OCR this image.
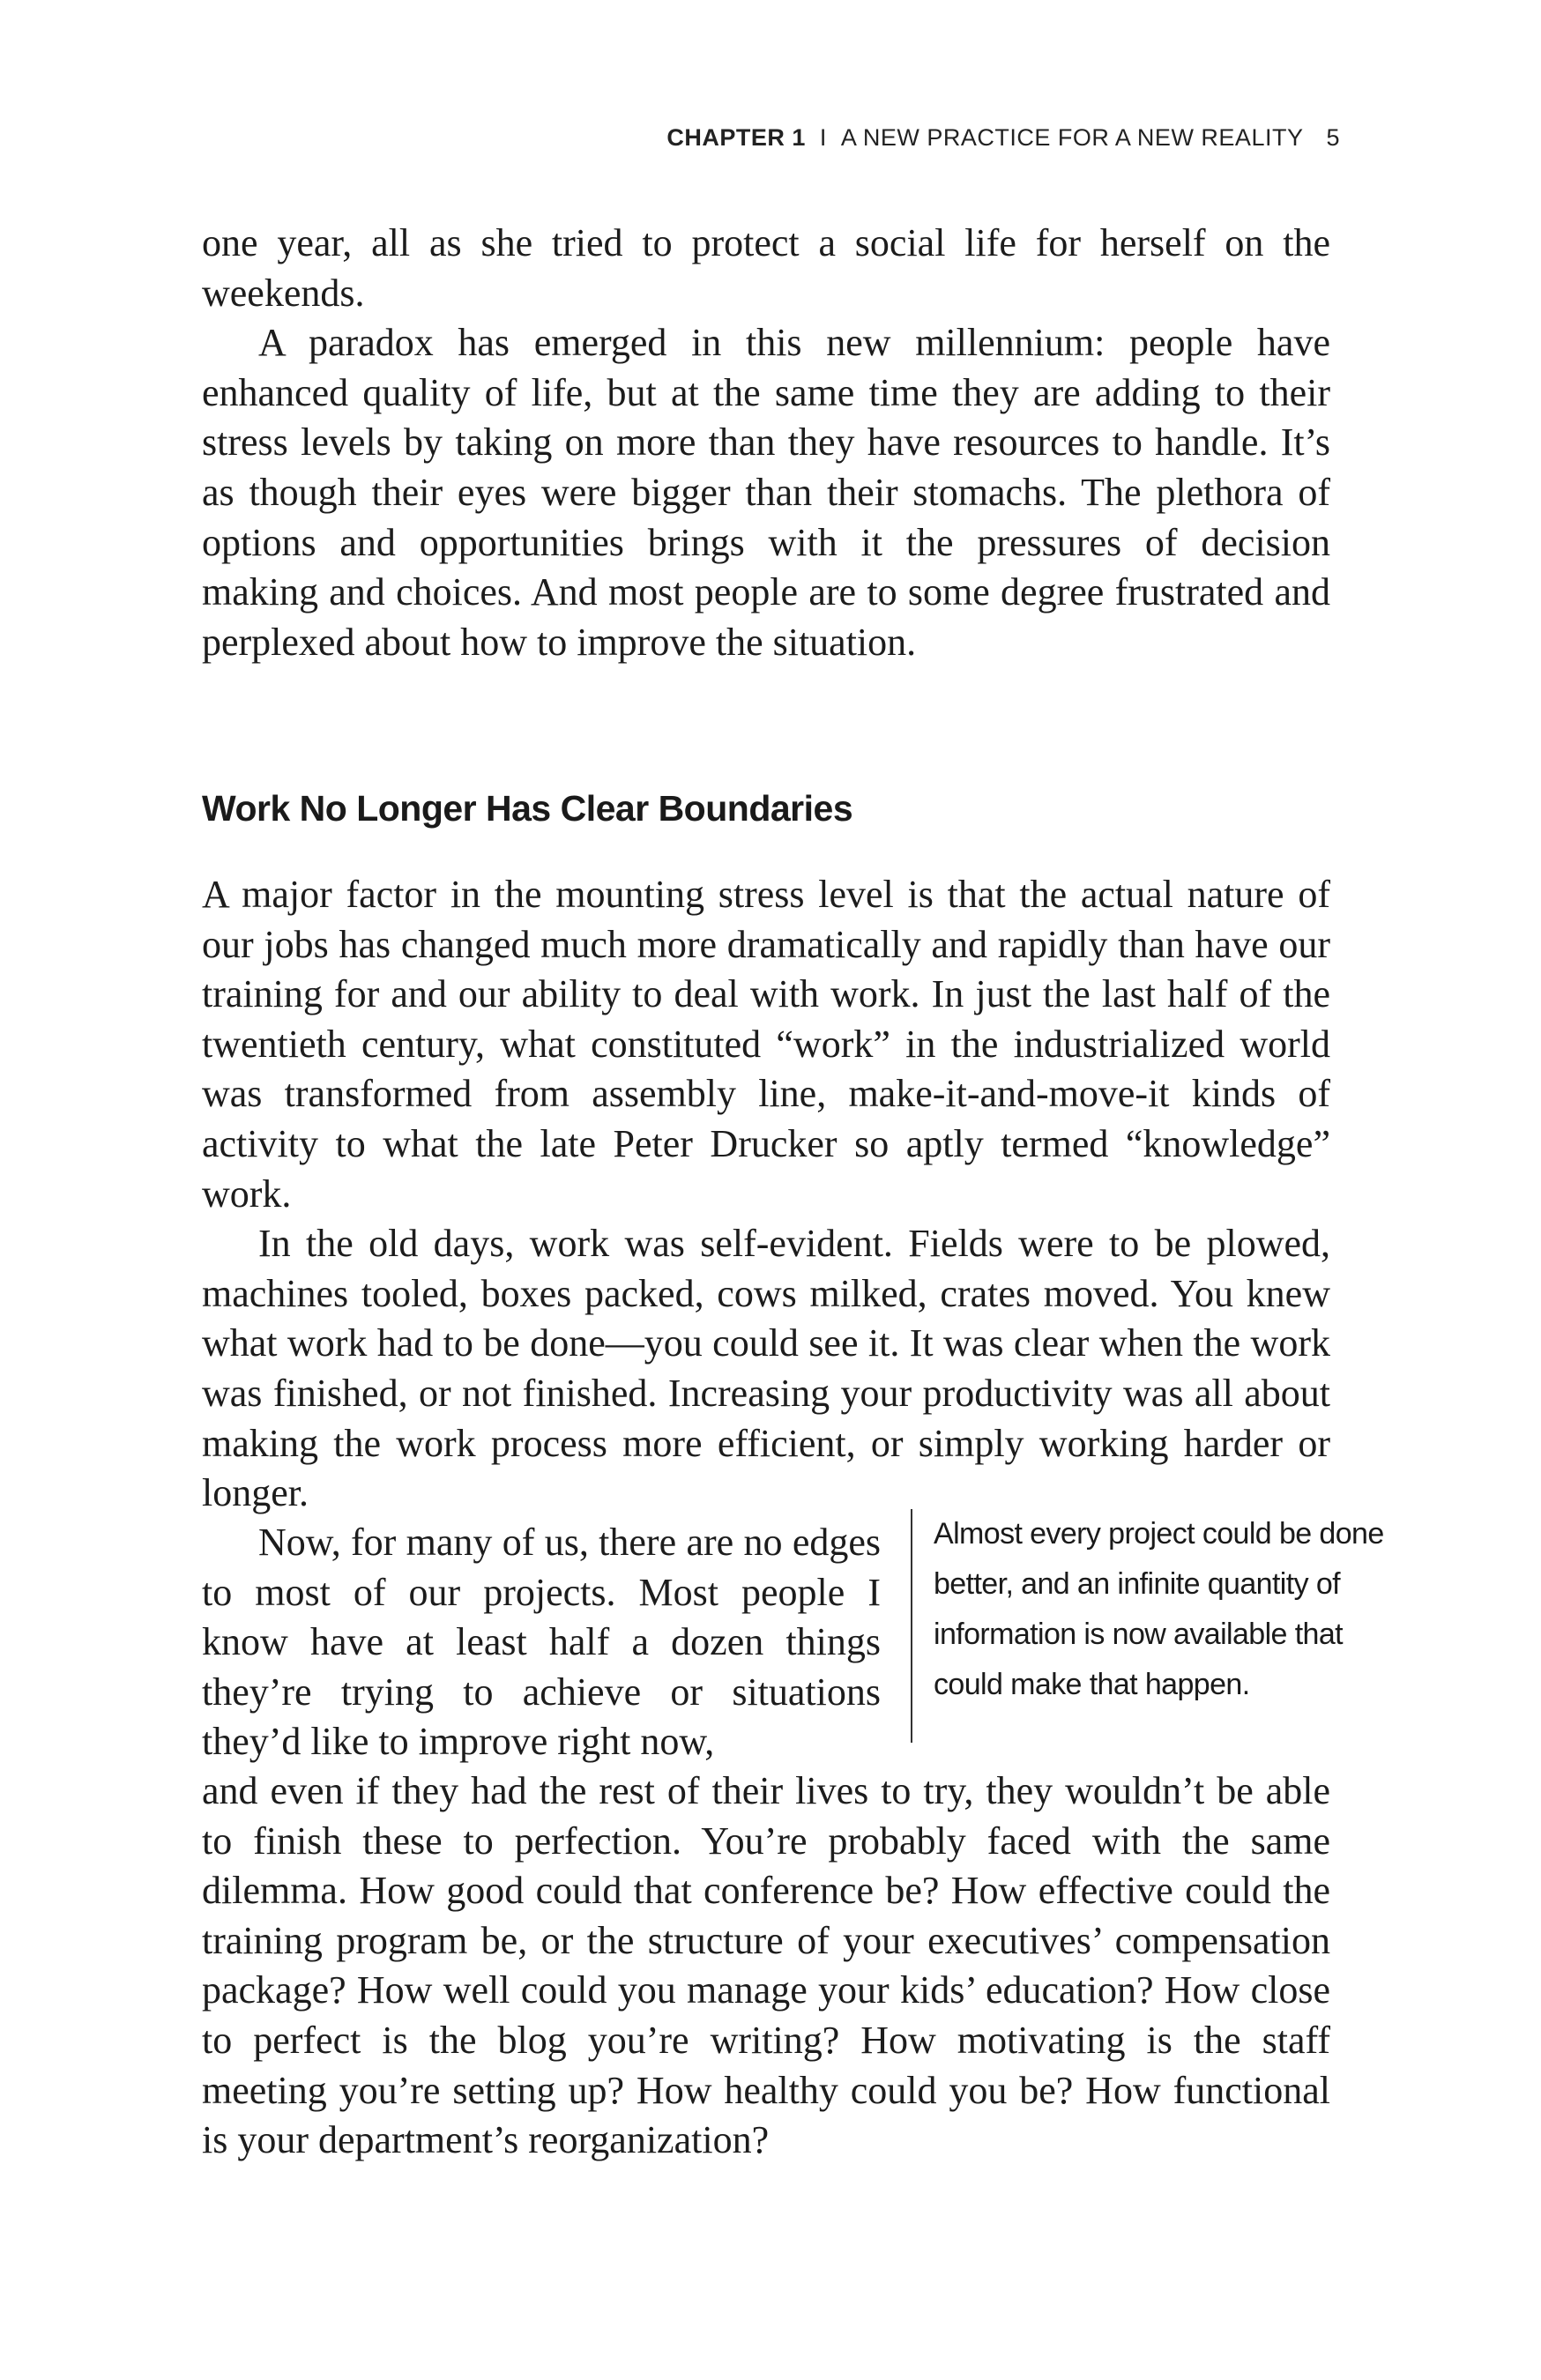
CHAPTER 1 I A NEW PRACTICE FOR A NEW REALITY 5

one year, all as she tried to protect a social life for herself on the weekends.

A paradox has emerged in this new millennium: people have enhanced quality of life, but at the same time they are adding to their stress levels by taking on more than they have resources to handle. It’s as though their eyes were bigger than their stomachs. The plethora of options and opportunities brings with it the pressures of decision making and choices. And most people are to some degree frustrated and perplexed about how to improve the situation.

Work No Longer Has Clear Boundaries

A major factor in the mounting stress level is that the actual nature of our jobs has changed much more dramatically and rapidly than have our training for and our ability to deal with work. In just the last half of the twentieth century, what constituted “work” in the industrialized world was transformed from assembly line, make-it-and-move-it kinds of activity to what the late Peter Drucker so aptly termed “knowledge” work.

In the old days, work was self-evident. Fields were to be plowed, machines tooled, boxes packed, cows milked, crates moved. You knew what work had to be done—you could see it. It was clear when the work was finished, or not finished. Increasing your productivity was all about making the work process more efficient, or simply working harder or longer.

Now, for many of us, there are no edges to most of our projects. Most people I know have at least half a dozen things they’re trying to achieve or situations they’d like to improve right now,

Almost every project could be done
better, and an infinite quantity of
information is now available that
could make that happen.

and even if they had the rest of their lives to try, they wouldn’t be able to finish these to perfection. You’re probably faced with the same dilemma. How good could that conference be? How effective could the training program be, or the structure of your executives’ compensation package? How well could you manage your kids’ education? How close to perfect is the blog you’re writing? How motivating is the staff meeting you’re setting up? How healthy could you be? How functional is your department’s reorganization?
